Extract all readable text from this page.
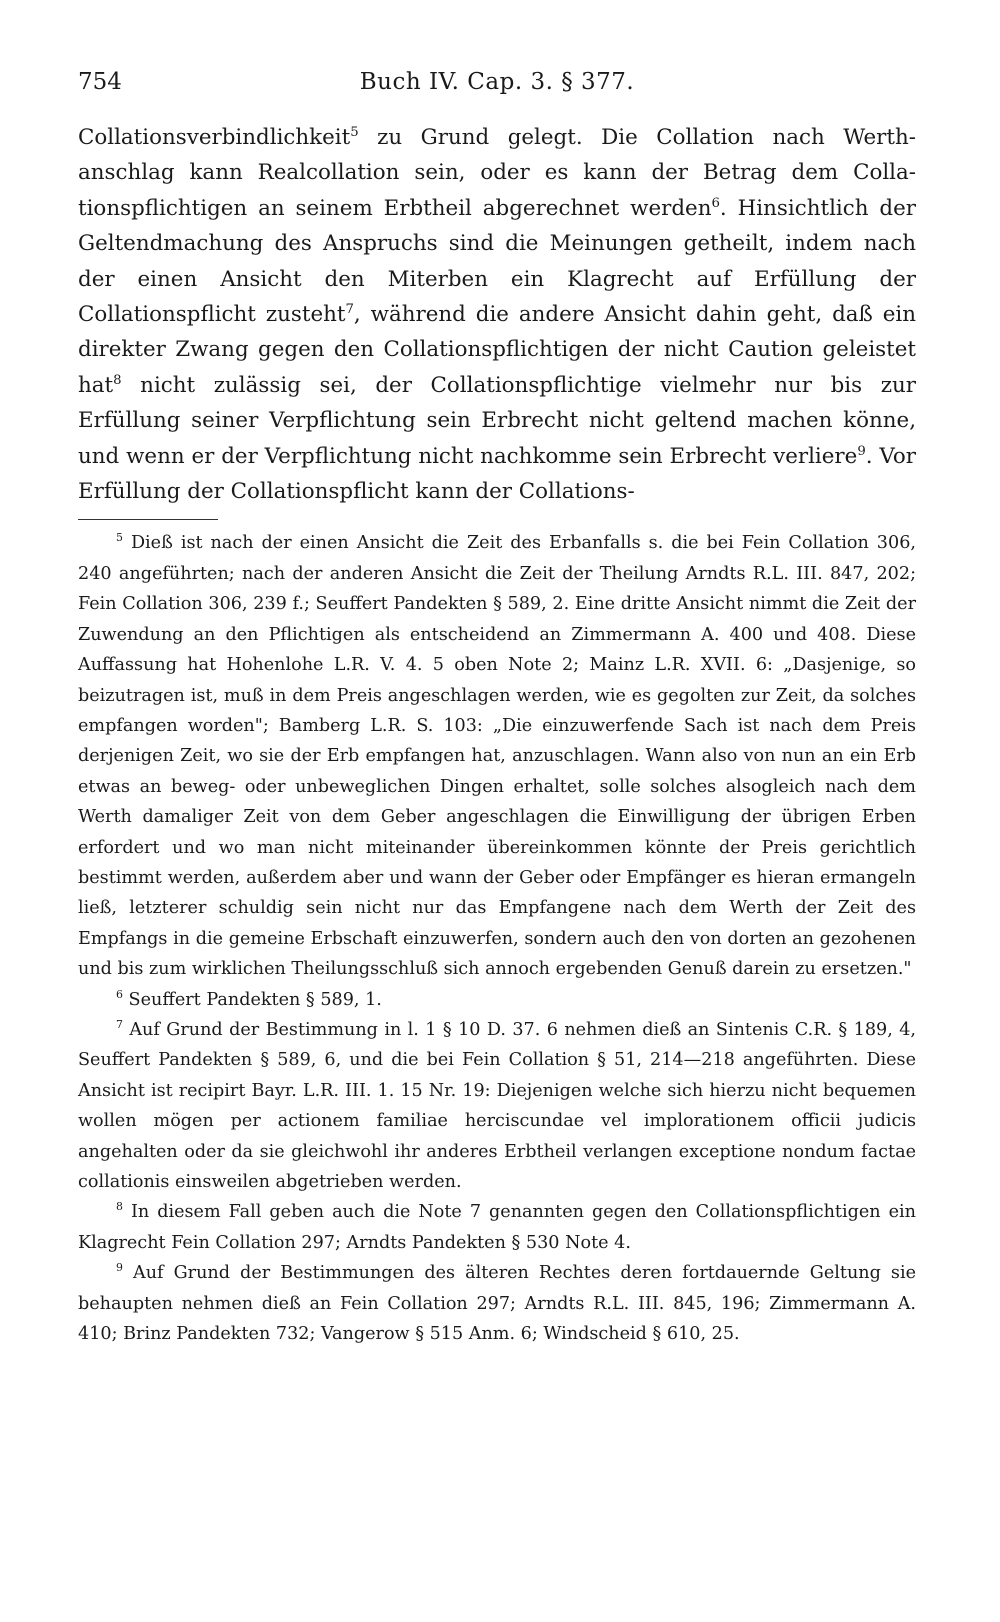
754	Buch IV. Cap. 3. § 377.
Collationsverbindlichkeit$^5$ zu Grund gelegt. Die Collation nach Werthanschlag kann Realcollation sein, oder es kann der Betrag dem Collationspflichtigen an seinem Erbtheil abgerechnet werden$^6$. Hinsichtlich der Geltendmachung des Anspruchs sind die Meinungen getheilt, indem nach der einen Ansicht den Miterben ein Klagrecht auf Erfüllung der Collationspflicht zusteht$^7$, während die andere Ansicht dahin geht, daß ein direkter Zwang gegen den Collationspflichtigen der nicht Caution geleistet hat$^8$ nicht zulässig sei, der Collationspflichtige vielmehr nur bis zur Erfüllung seiner Verpflichtung sein Erbrecht nicht geltend machen könne, und wenn er der Verpflichtung nicht nachkomme sein Erbrecht verliere$^9$. Vor Erfüllung der Collationspflicht kann der Collations-

$^5$ Dieß ist nach der einen Ansicht die Zeit des Erbanfalls s. die bei Fein Collation 306, 240 angeführten; nach der anderen Ansicht die Zeit der Theilung Arndts R.L. III. 847, 202; Fein Collation 306, 239 f.; Seuffert Pandekten § 589, 2. Eine dritte Ansicht nimmt die Zeit der Zuwendung an den Pflichtigen als entscheidend an Zimmermann A. 400 und 408. Diese Auffassung hat Hohenlohe L.R. V. 4. 5 oben Note 2; Mainz L.R. XVII. 6: „Dasjenige, so beizutragen ist, muß in dem Preis angeschlagen werden, wie es gegolten zur Zeit, da solches empfangen worden"; Bamberg L.R. S. 103: „Die einzuwerfende Sach ist nach dem Preis derjenigen Zeit, wo sie der Erb empfangen hat, anzuschlagen. Wann also von nun an ein Erb etwas an beweg- oder unbeweglichen Dingen erhaltet, solle solches alsogleich nach dem Werth damaliger Zeit von dem Geber angeschlagen die Einwilligung der übrigen Erben erfordert und wo man nicht miteinander übereinkommen könnte der Preis gerichtlich bestimmt werden, außerdem aber und wann der Geber oder Empfänger es hieran ermangeln ließ, letzterer schuldig sein nicht nur das Empfangene nach dem Werth der Zeit des Empfangs in die gemeine Erbschaft einzuwerfen, sondern auch den von dorten an gezohenen und bis zum wirklichen Theilungsschluß sich annoch ergebenden Genuß darein zu ersetzen."

$^6$ Seuffert Pandekten § 589, 1.

$^7$ Auf Grund der Bestimmung in l. 1 § 10 D. 37. 6 nehmen dieß an Sintenis C.R. § 189, 4, Seuffert Pandekten § 589, 6, und die bei Fein Collation § 51, 214—218 angeführten. Diese Ansicht ist recipirt Bayr. L.R. III. 1. 15 Nr. 19: Diejenigen welche sich hierzu nicht bequemen wollen mögen per actionem familiae herciscundae vel implorationem officii judicis angehalten oder da sie gleichwohl ihr anderes Erbtheil verlangen exceptione nondum factae collationis einsweilen abgetrieben werden.

$^8$ In diesem Fall geben auch die Note 7 genannten gegen den Collationspflichtigen ein Klagrecht Fein Collation 297; Arndts Pandekten § 530 Note 4.

$^9$ Auf Grund der Bestimmungen des älteren Rechtes deren fortdauernde Geltung sie behaupten nehmen dieß an Fein Collation 297; Arndts R.L. III. 845, 196; Zimmermann A. 410; Brinz Pandekten 732; Vangerow § 515 Anm. 6; Windscheid § 610, 25.
